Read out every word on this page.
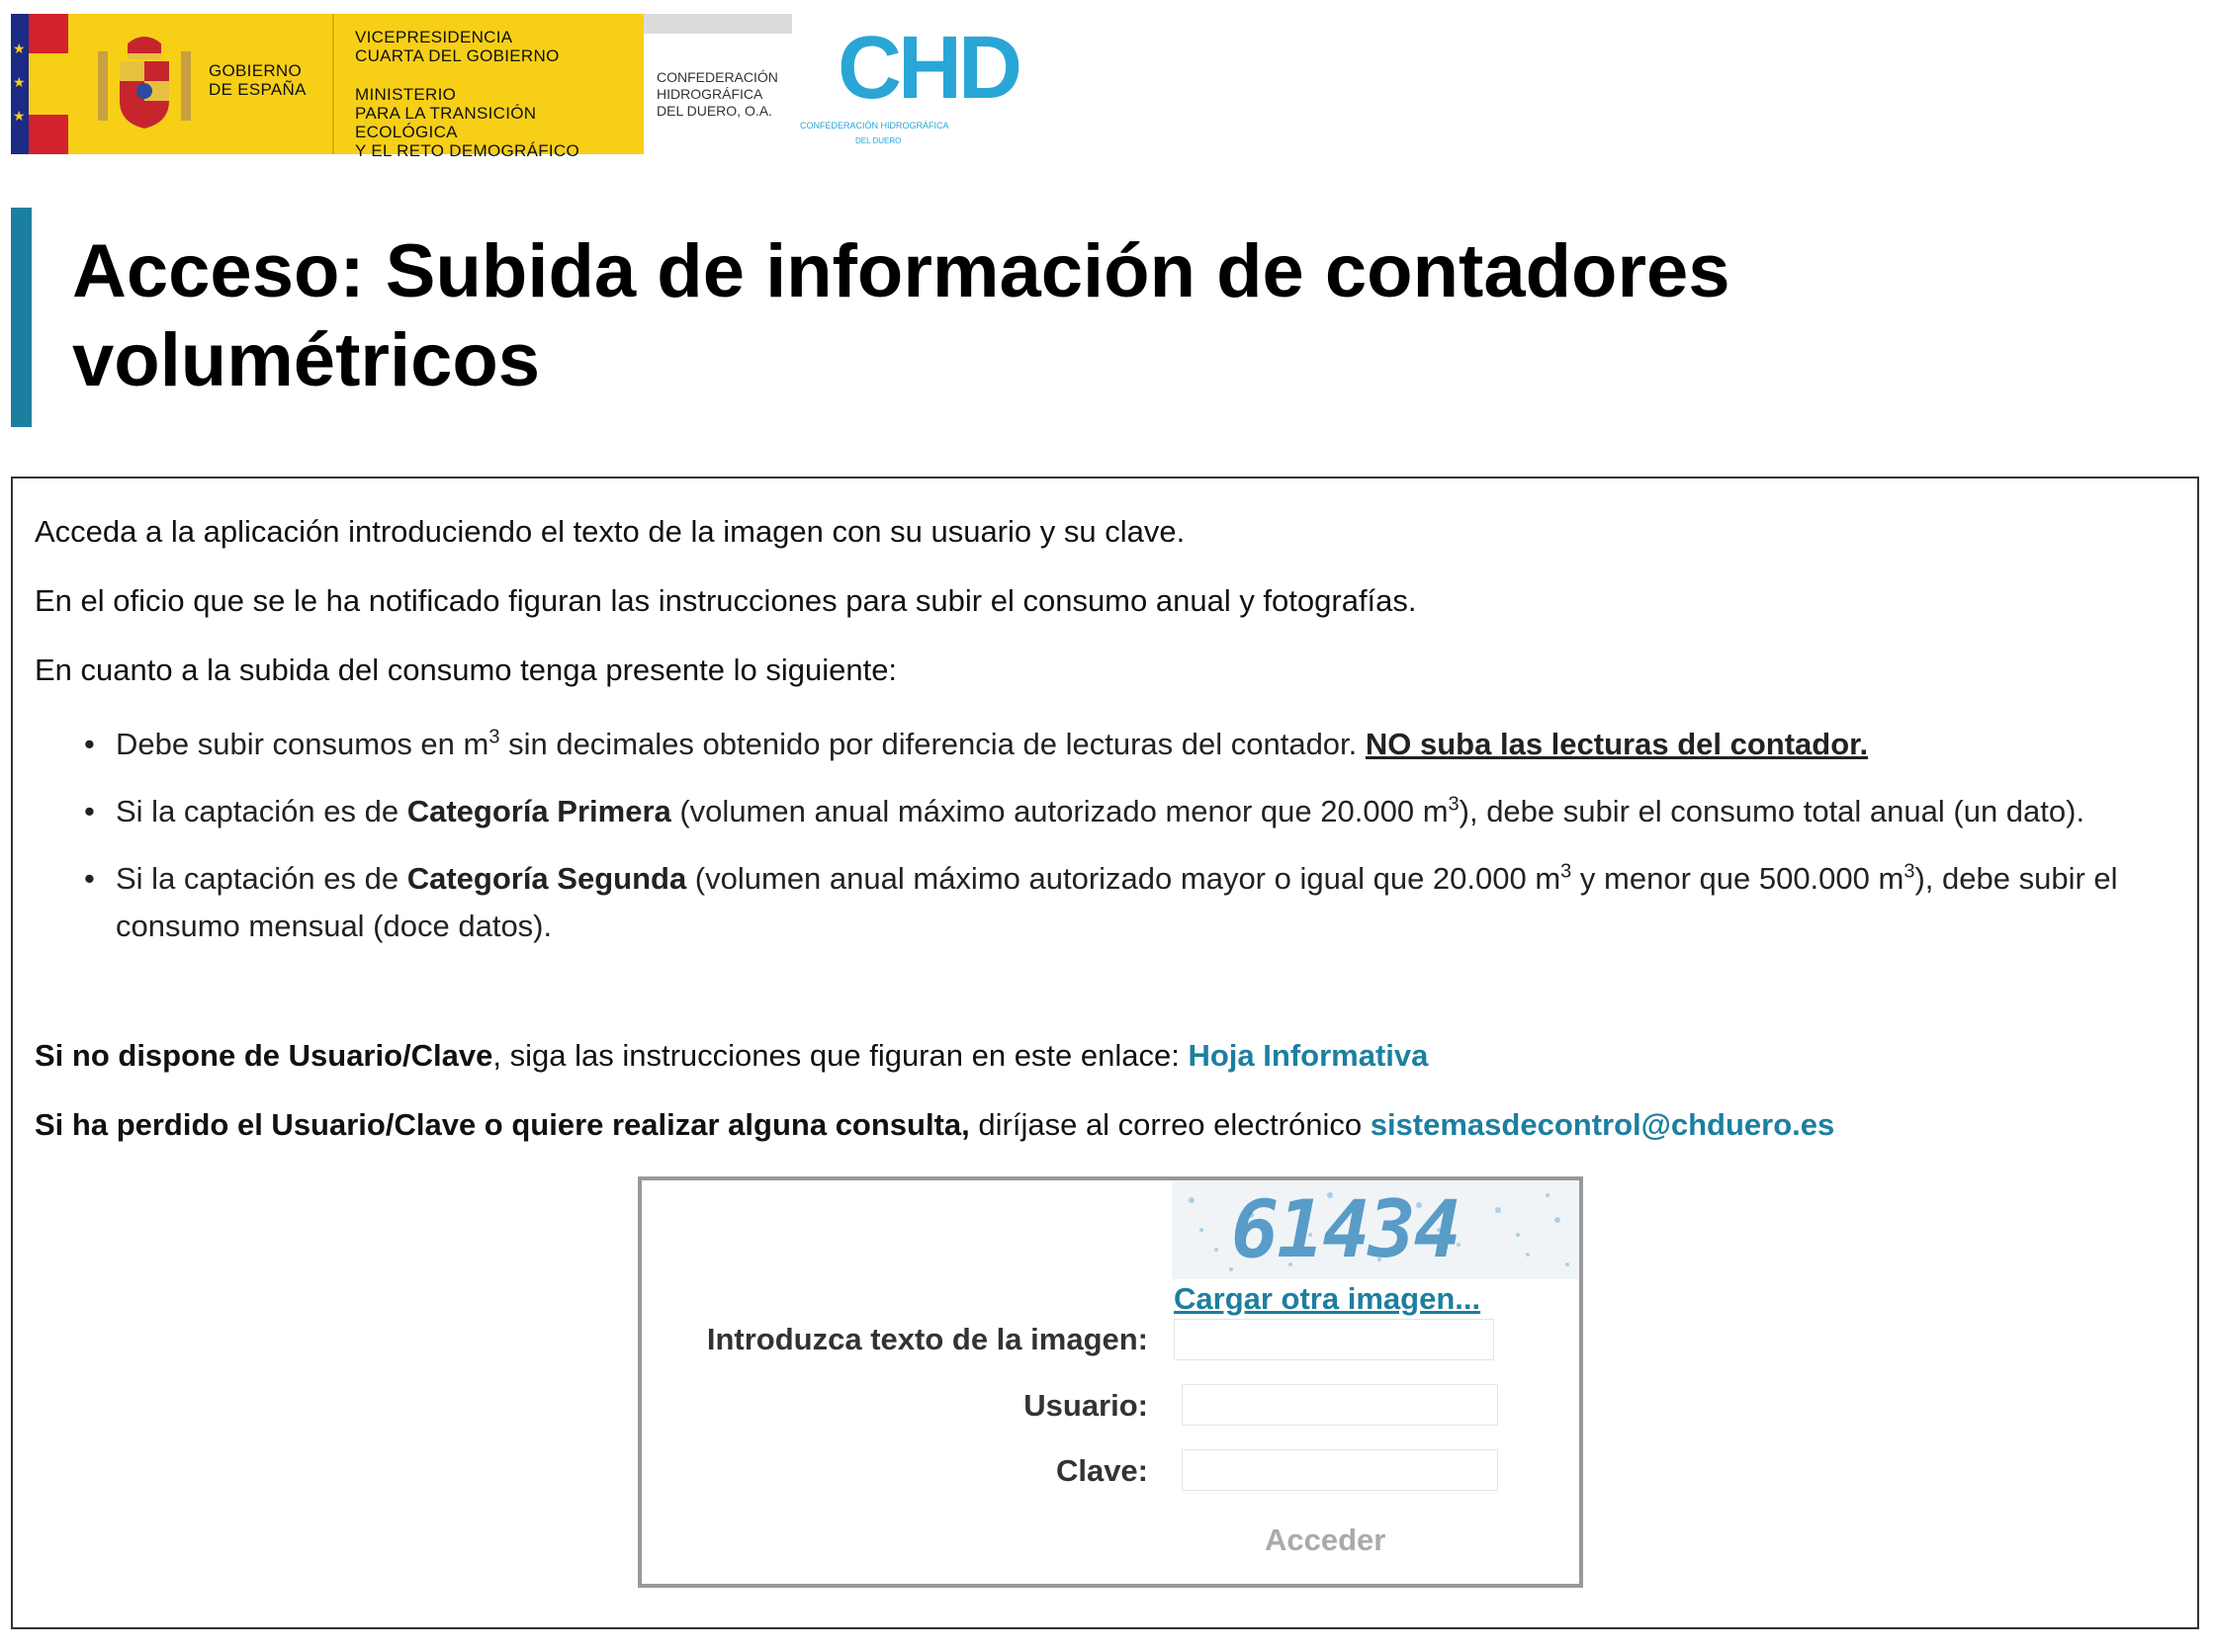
★
★
★
GOBIERNO
DE ESPAÑA
VICEPRESIDENCIA
CUARTA DEL GOBIERNO
MINISTERIO
PARA LA TRANSICIÓN ECOLÓGICA
Y EL RETO DEMOGRÁFICO
CONFEDERACIÓN
HIDROGRÁFICA
DEL DUERO, O.A. CHD
CONFEDERACIÓN HIDROGRÁFICA
DEL DUERO
Acceso: Subida de información de contadores volumétricos

Acceda a la aplicación introduciendo el texto de la imagen con su usuario y su clave.

En el oficio que se le ha notificado figuran las instrucciones para subir el consumo anual y fotografías.

En cuanto a la subida del consumo tenga presente lo siguiente:

• Debe subir consumos en $m^3$ sin decimales obtenido por diferencia de lecturas del contador. NO suba las lecturas del contador.
• Si la captación es de Categoría Primera (volumen anual máximo autorizado menor que 20.000 $m^3$), debe subir el consumo total anual (un dato).
• Si la captación es de Categoría Segunda (volumen anual máximo autorizado mayor o igual que 20.000 $m^3$ y menor que 500.000 $m^3$), debe subir el consumo mensual (doce datos).

Si no dispone de Usuario/Clave, siga las instrucciones que figuran en este enlace: Hoja Informativa

Si ha perdido el Usuario/Clave o quiere realizar alguna consulta, diríjase al correo electrónico sistemasdecontrol@chduero.es

61434
Cargar otra imagen...
Introduzca texto de la imagen:
Usuario:
Clave:
Acceder
